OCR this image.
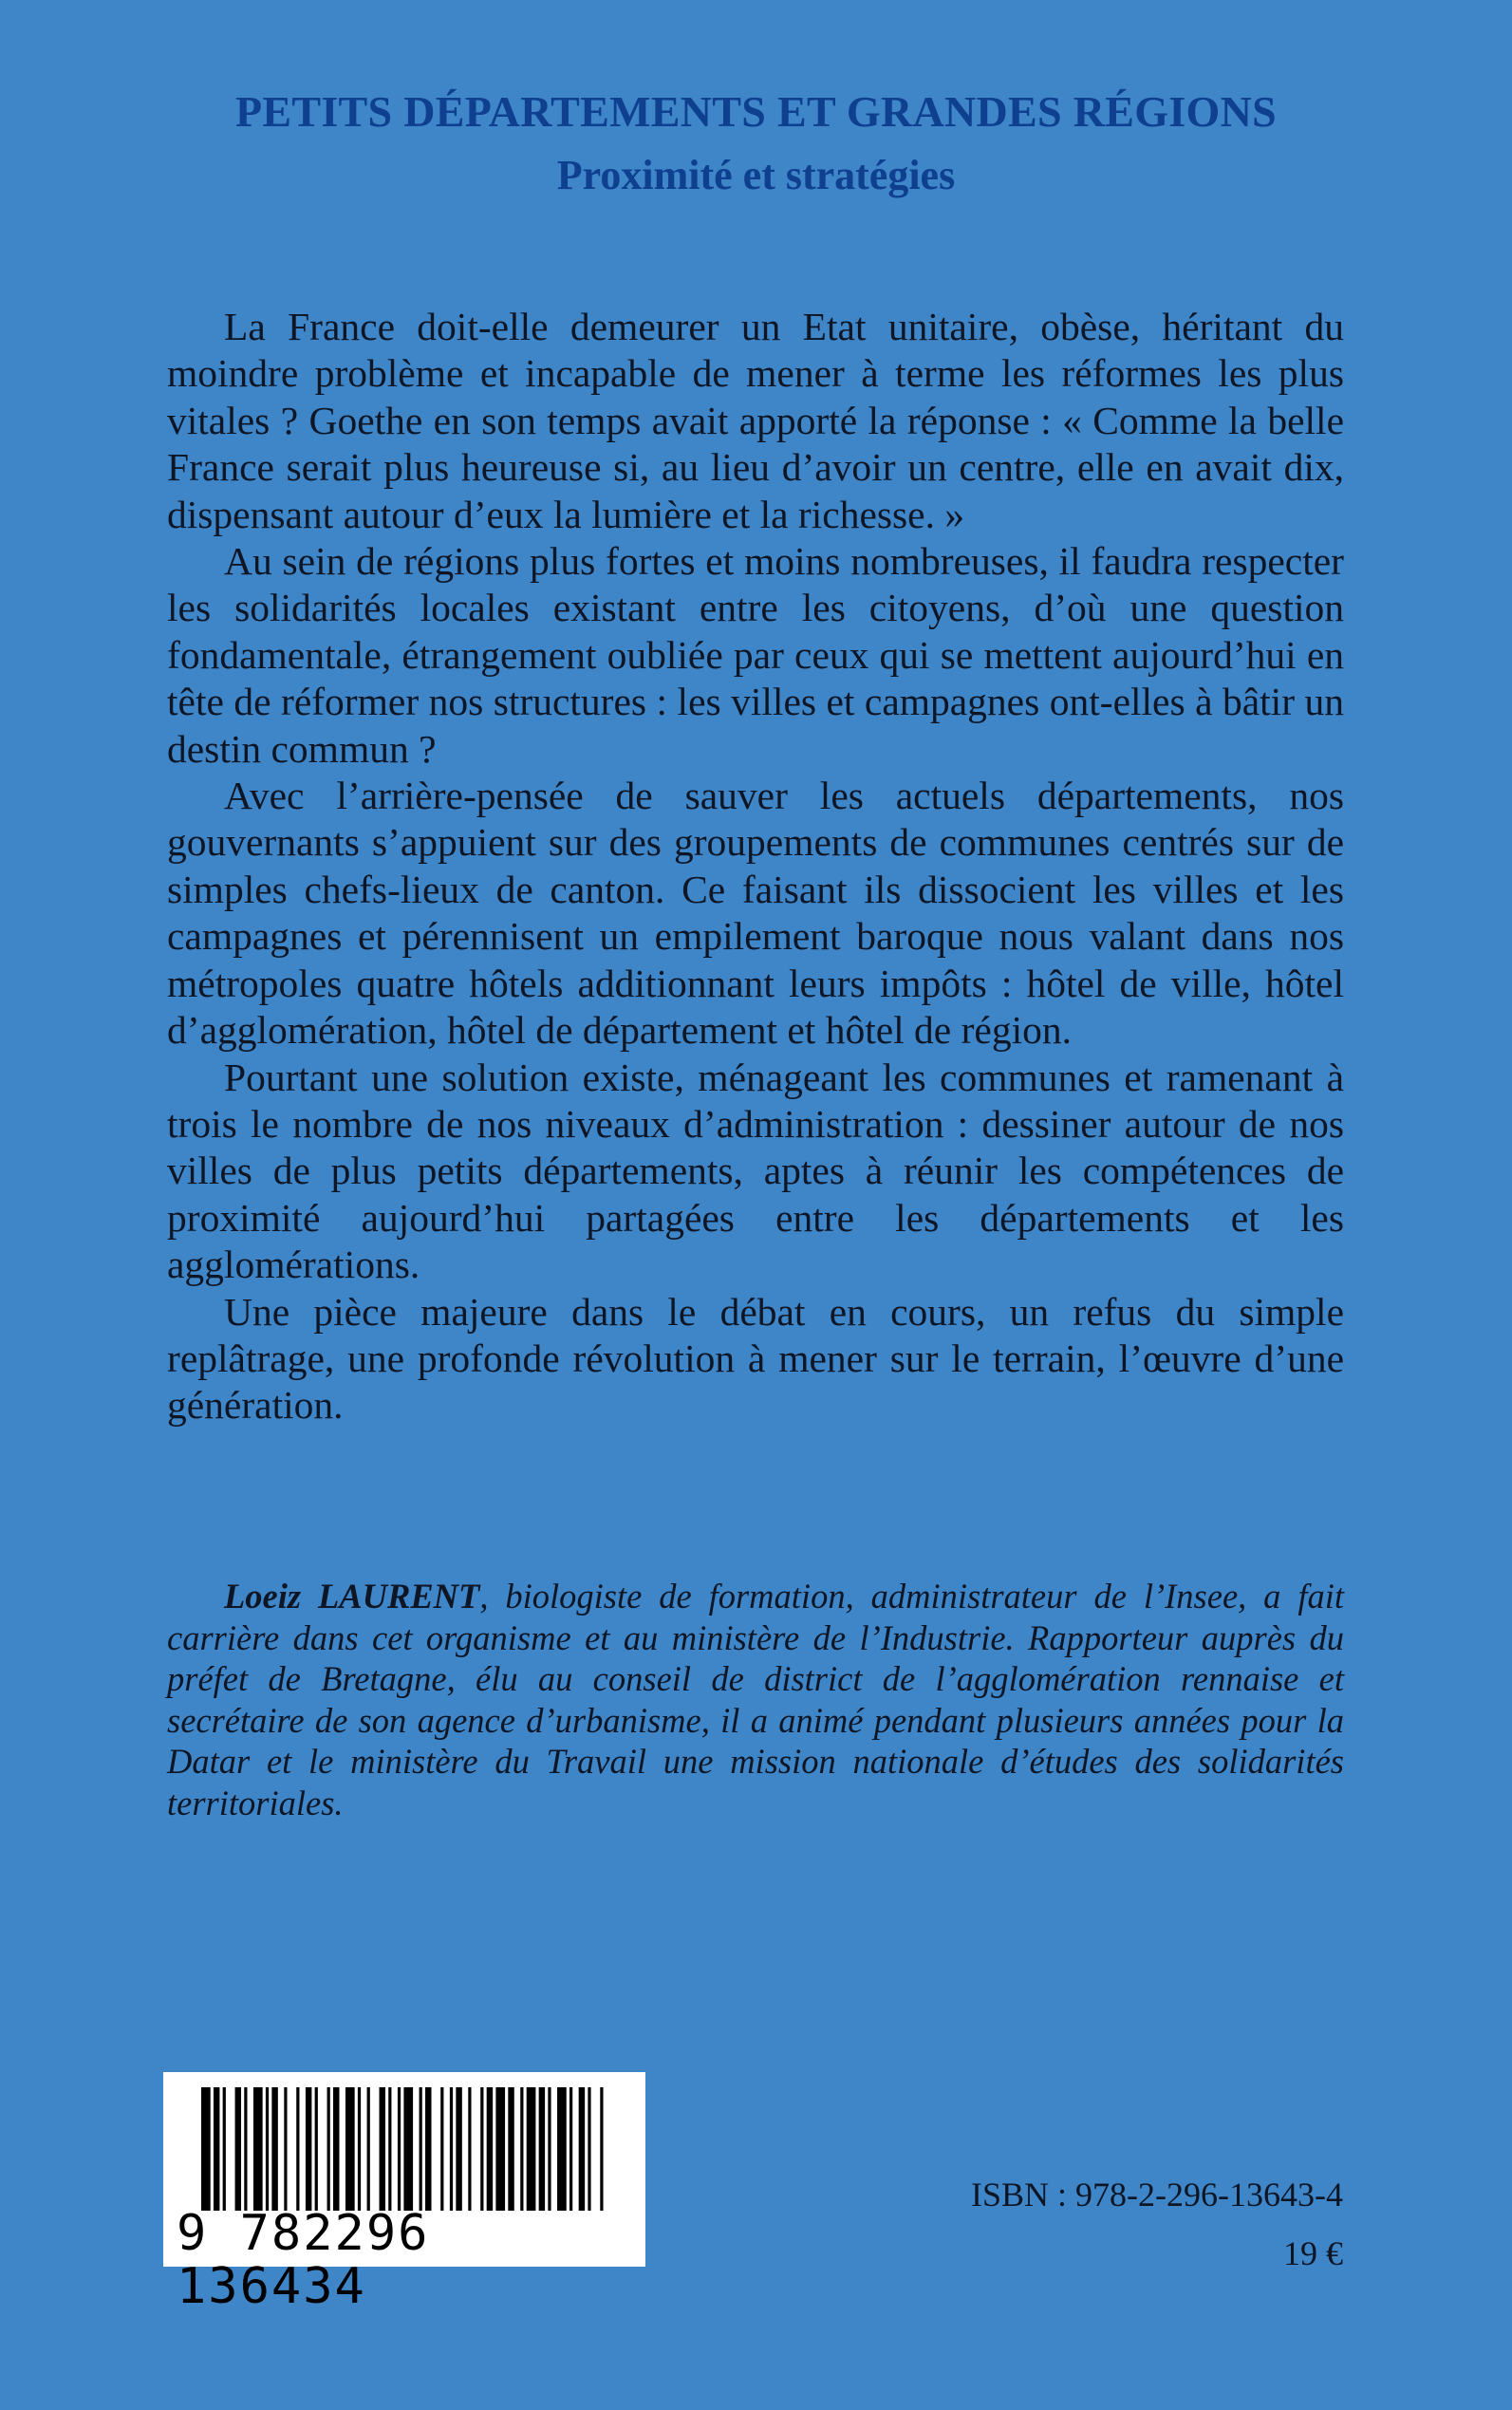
PETITS DÉPARTEMENTS ET GRANDES RÉGIONS
Proximité et stratégies

La France doit-elle demeurer un Etat unitaire, obèse, héritant du moindre problème et incapable de mener à terme les réformes les plus vitales ? Goethe en son temps avait apporté la réponse : « Comme la belle France serait plus heureuse si, au lieu d’avoir un centre, elle en avait dix, dispensant autour d’eux la lumière et la richesse. »

Au sein de régions plus fortes et moins nombreuses, il faudra respecter les solidarités locales existant entre les citoyens, d’où une question fondamentale, étrangement oubliée par ceux qui se mettent aujourd’hui en tête de réformer nos structures : les villes et campagnes ont-elles à bâtir un destin commun ?

Avec l’arrière-pensée de sauver les actuels départements, nos gouvernants s’appuient sur des groupements de communes centrés sur de simples chefs-lieux de canton. Ce faisant ils dissocient les villes et les campagnes et pérennisent un empilement baroque nous valant dans nos métropoles quatre hôtels additionnant leurs impôts : hôtel de ville, hôtel d’agglomération, hôtel de département et hôtel de région.

Pourtant une solution existe, ménageant les communes et ramenant à trois le nombre de nos niveaux d’administration : dessiner autour de nos villes de plus petits départements, aptes à réunir les compétences de proximité aujourd’hui partagées entre les départements et les agglomérations.

Une pièce majeure dans le débat en cours, un refus du simple replâtrage, une profonde révolution à mener sur le terrain, l’œuvre d’une génération.

Loeiz LAURENT, biologiste de formation, administrateur de l’Insee, a fait carrière dans cet organisme et au ministère de l’Industrie. Rapporteur auprès du préfet de Bretagne, élu au conseil de district de l’agglomération rennaise et secrétaire de son agence d’urbanisme, il a animé pendant plusieurs années pour la Datar et le ministère du Travail une mission nationale d’études des solidarités territoriales.

9 782296 136434
ISBN : 978-2-296-13643-4
19 €
